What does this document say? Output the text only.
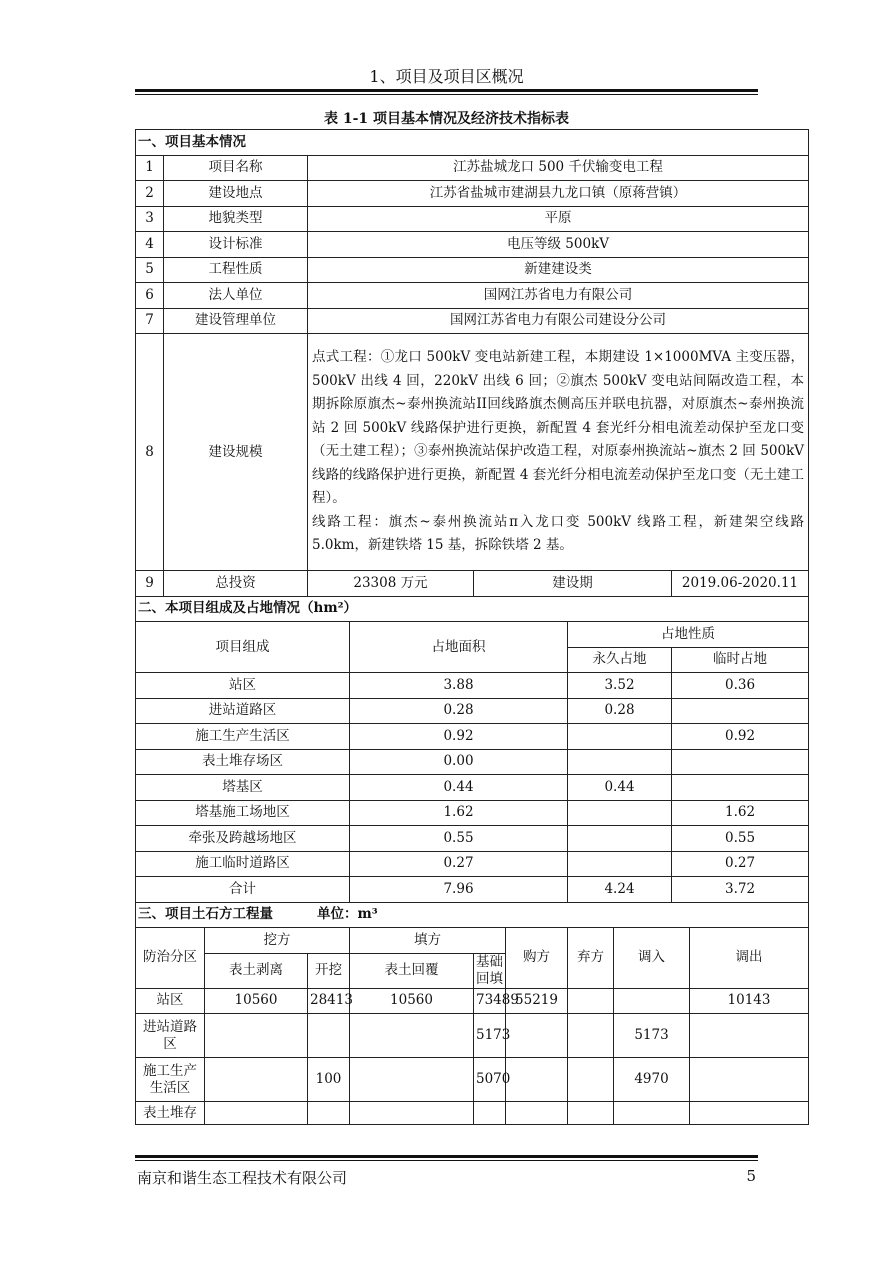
1、项目及项目区概况
表 1-1 项目基本情况及经济技术指标表
一、项目基本情况										
1	项目名称		江苏盐城龙口 500 千伏输变电工程							
2	建设地点		江苏省盐城市建湖县九龙口镇（原蒋营镇）							
3	地貌类型		平原							
4	设计标准		电压等级 500kV							
5	工程性质		新建建设类							
6	法人单位		国网江苏省电力有限公司							
7	建设管理单位		国网江苏省电力有限公司建设分公司							
8	建设规模		点式工程：①龙口 500kV 变电站新建工程，本期建设 1×1000MVA 主变压器，500kV 出线 4 回，220kV 出线 6 回；②旗杰 500kV 变电站间隔改造工程，本期拆除原旗杰~泰州换流站II回线路旗杰侧高压并联电抗器，对原旗杰~泰州换流站 2 回 500kV 线路保护进行更换，新配置 4 套光纤分相电流差动保护至龙口变（无土建工程）；③泰州换流站保护改造工程，对原泰州换流站~旗杰 2 回 500kV 线路的线路保护进行更换，新配置 4 套光纤分相电流差动保护至龙口变（无土建工程）。
线路工程：旗杰~泰州换流站π入龙口变 500kV 线路工程，新建架空线路 5.0km，新建铁塔 15 基，拆除铁塔 2 基。							

9	总投资		23308 万元		建设期				2019.06-2020.11	
二、本项目组成及占地情况（hm²）										
项目组成				占地面积			占地性质			
							永久占地		临时占地	
站区				3.88			3.52		0.36	
进站道路区				0.28			0.28			
施工生产生活区				0.92					0.92	
表土堆存场区				0.00						
塔基区				0.44			0.44			
塔基施工场地区				1.62					1.62	
牵张及跨越场地区				0.55					0.55	
施工临时道路区				0.27					0.27	
合计				7.96			4.24		3.72	
三、项目土石方工程量 单位：m³										
防治分区		挖方		填方		购方	弃方	调入		调出
		表土剥离	开挖	表土回覆	基础回填					
站区		10560	28413	10560	73489	55219				10143
进站道路区					5173			5173		
施工生产生活区			100		5070			4970		
表土堆存										
南京和谐生态工程技术有限公司	5
